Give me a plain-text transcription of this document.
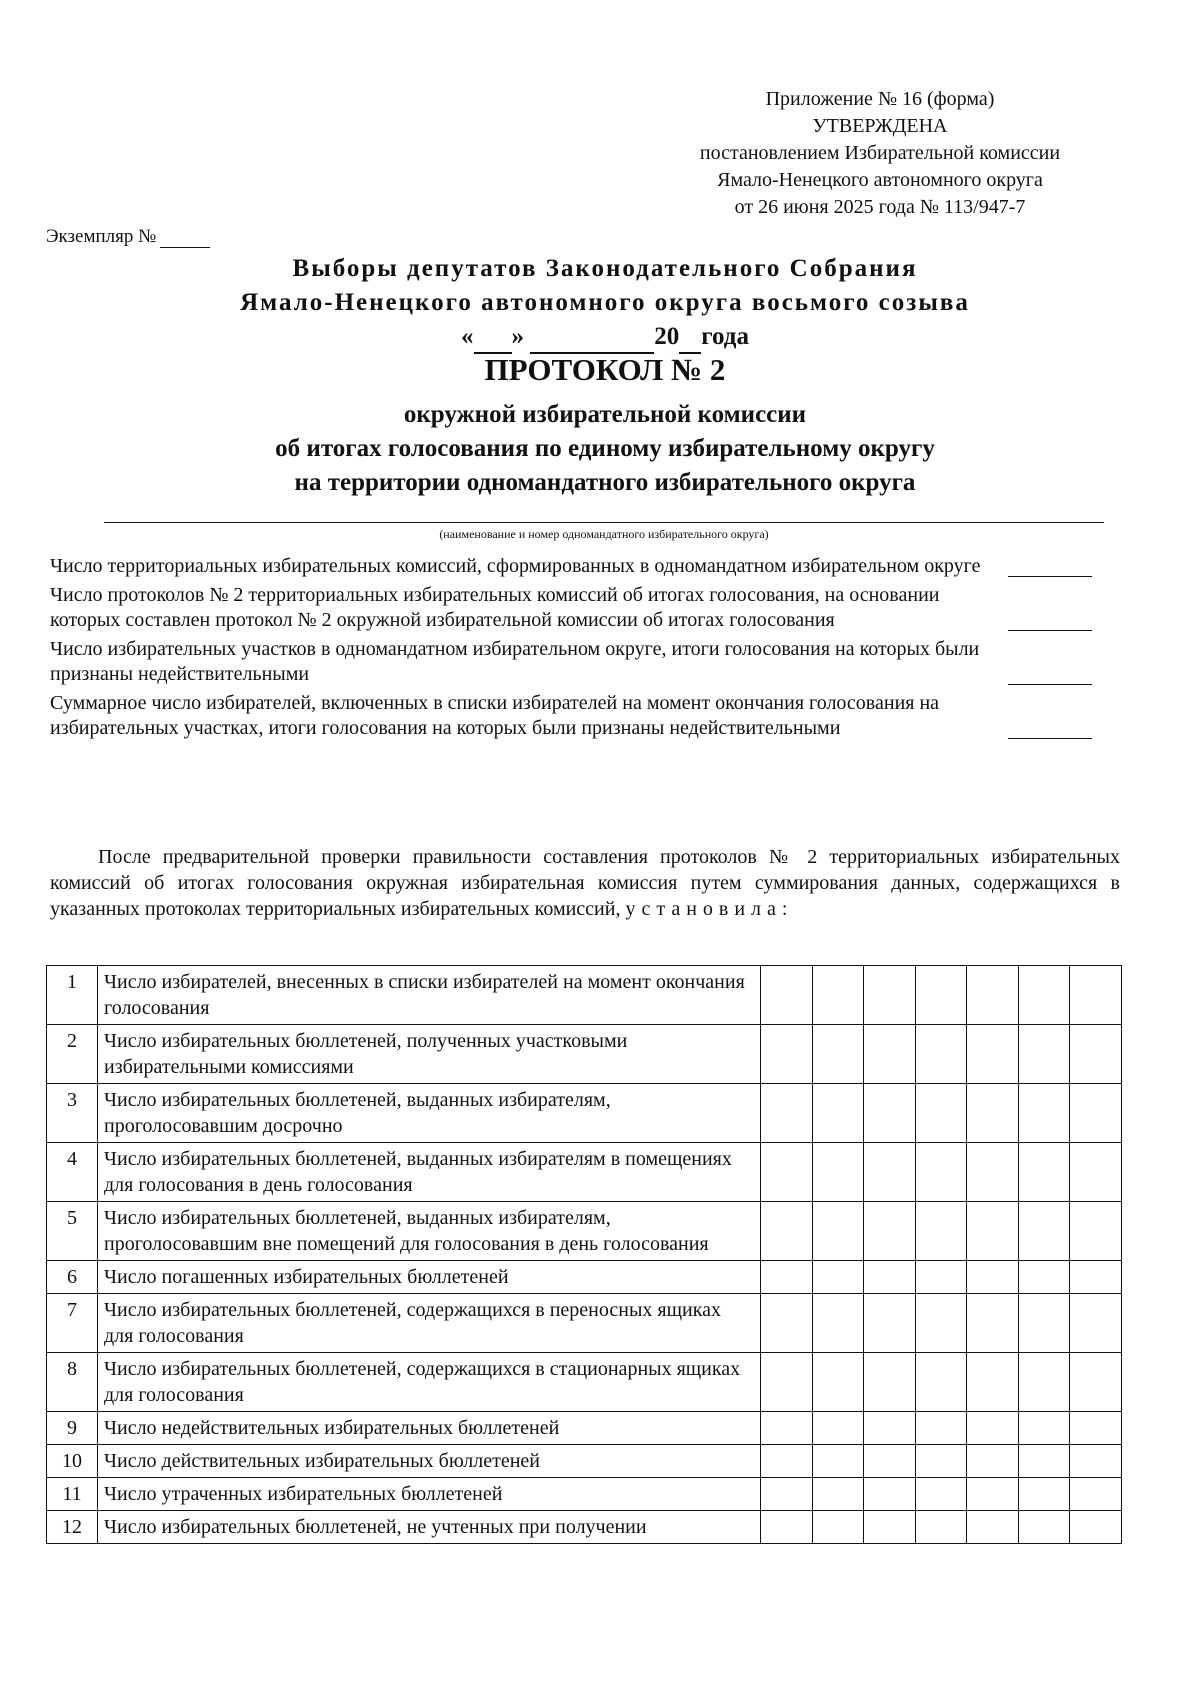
Приложение № 16 (форма)
УТВЕРЖДЕНА
постановлением Избирательной комиссии
Ямало-Ненецкого автономного округа
от 26 июня 2025 года № 113/947-7
Экземпляр №
Выборы депутатов Законодательного Собрания
Ямало-Ненецкого автономного округа восьмого созыва
« »	20 года
ПРОТОКОЛ № 2
окружной избирательной комиссии
об итогах голосования по единому избирательному округу
на территории одномандатного избирательного округа
(наименование и номер одномандатного избирательного округа)
Число территориальных избирательных комиссий, сформированных в одномандатном избирательном округе
Число протоколов № 2 территориальных избирательных комиссий об итогах голосования, на основании которых составлен протокол № 2 окружной избирательной комиссии об итогах голосования
Число избирательных участков в одномандатном избирательном округе, итоги голосования на которых были признаны недействительными
Суммарное число избирателей, включенных в списки избирателей на момент окончания голосования на избирательных участках, итоги голосования на которых были признаны недействительными
После предварительной проверки правильности составления протоколов № 2 территориальных избирательных комиссий об итогах голосования окружная избирательная комиссия путем суммирования данных, содержащихся в указанных протоколах территориальных избирательных комиссий, установила:
1	Число избирателей, внесенных в списки избирателей на момент окончания голосования							
2	Число избирательных бюллетеней, полученных участковыми избирательными комиссиями							
3	Число избирательных бюллетеней, выданных избирателям, проголосовавшим досрочно							
4	Число избирательных бюллетеней, выданных избирателям в помещениях для голосования в день голосования							
5	Число избирательных бюллетеней, выданных избирателям, проголосовавшим вне помещений для голосования в день голосования							
6	Число погашенных избирательных бюллетеней							
7	Число избирательных бюллетеней, содержащихся в переносных ящиках для голосования							
8	Число избирательных бюллетеней, содержащихся в стационарных ящиках для голосования							
9	Число недействительных избирательных бюллетеней							
10	Число действительных избирательных бюллетеней							
11	Число утраченных избирательных бюллетеней							
12	Число избирательных бюллетеней, не учтенных при получении							
